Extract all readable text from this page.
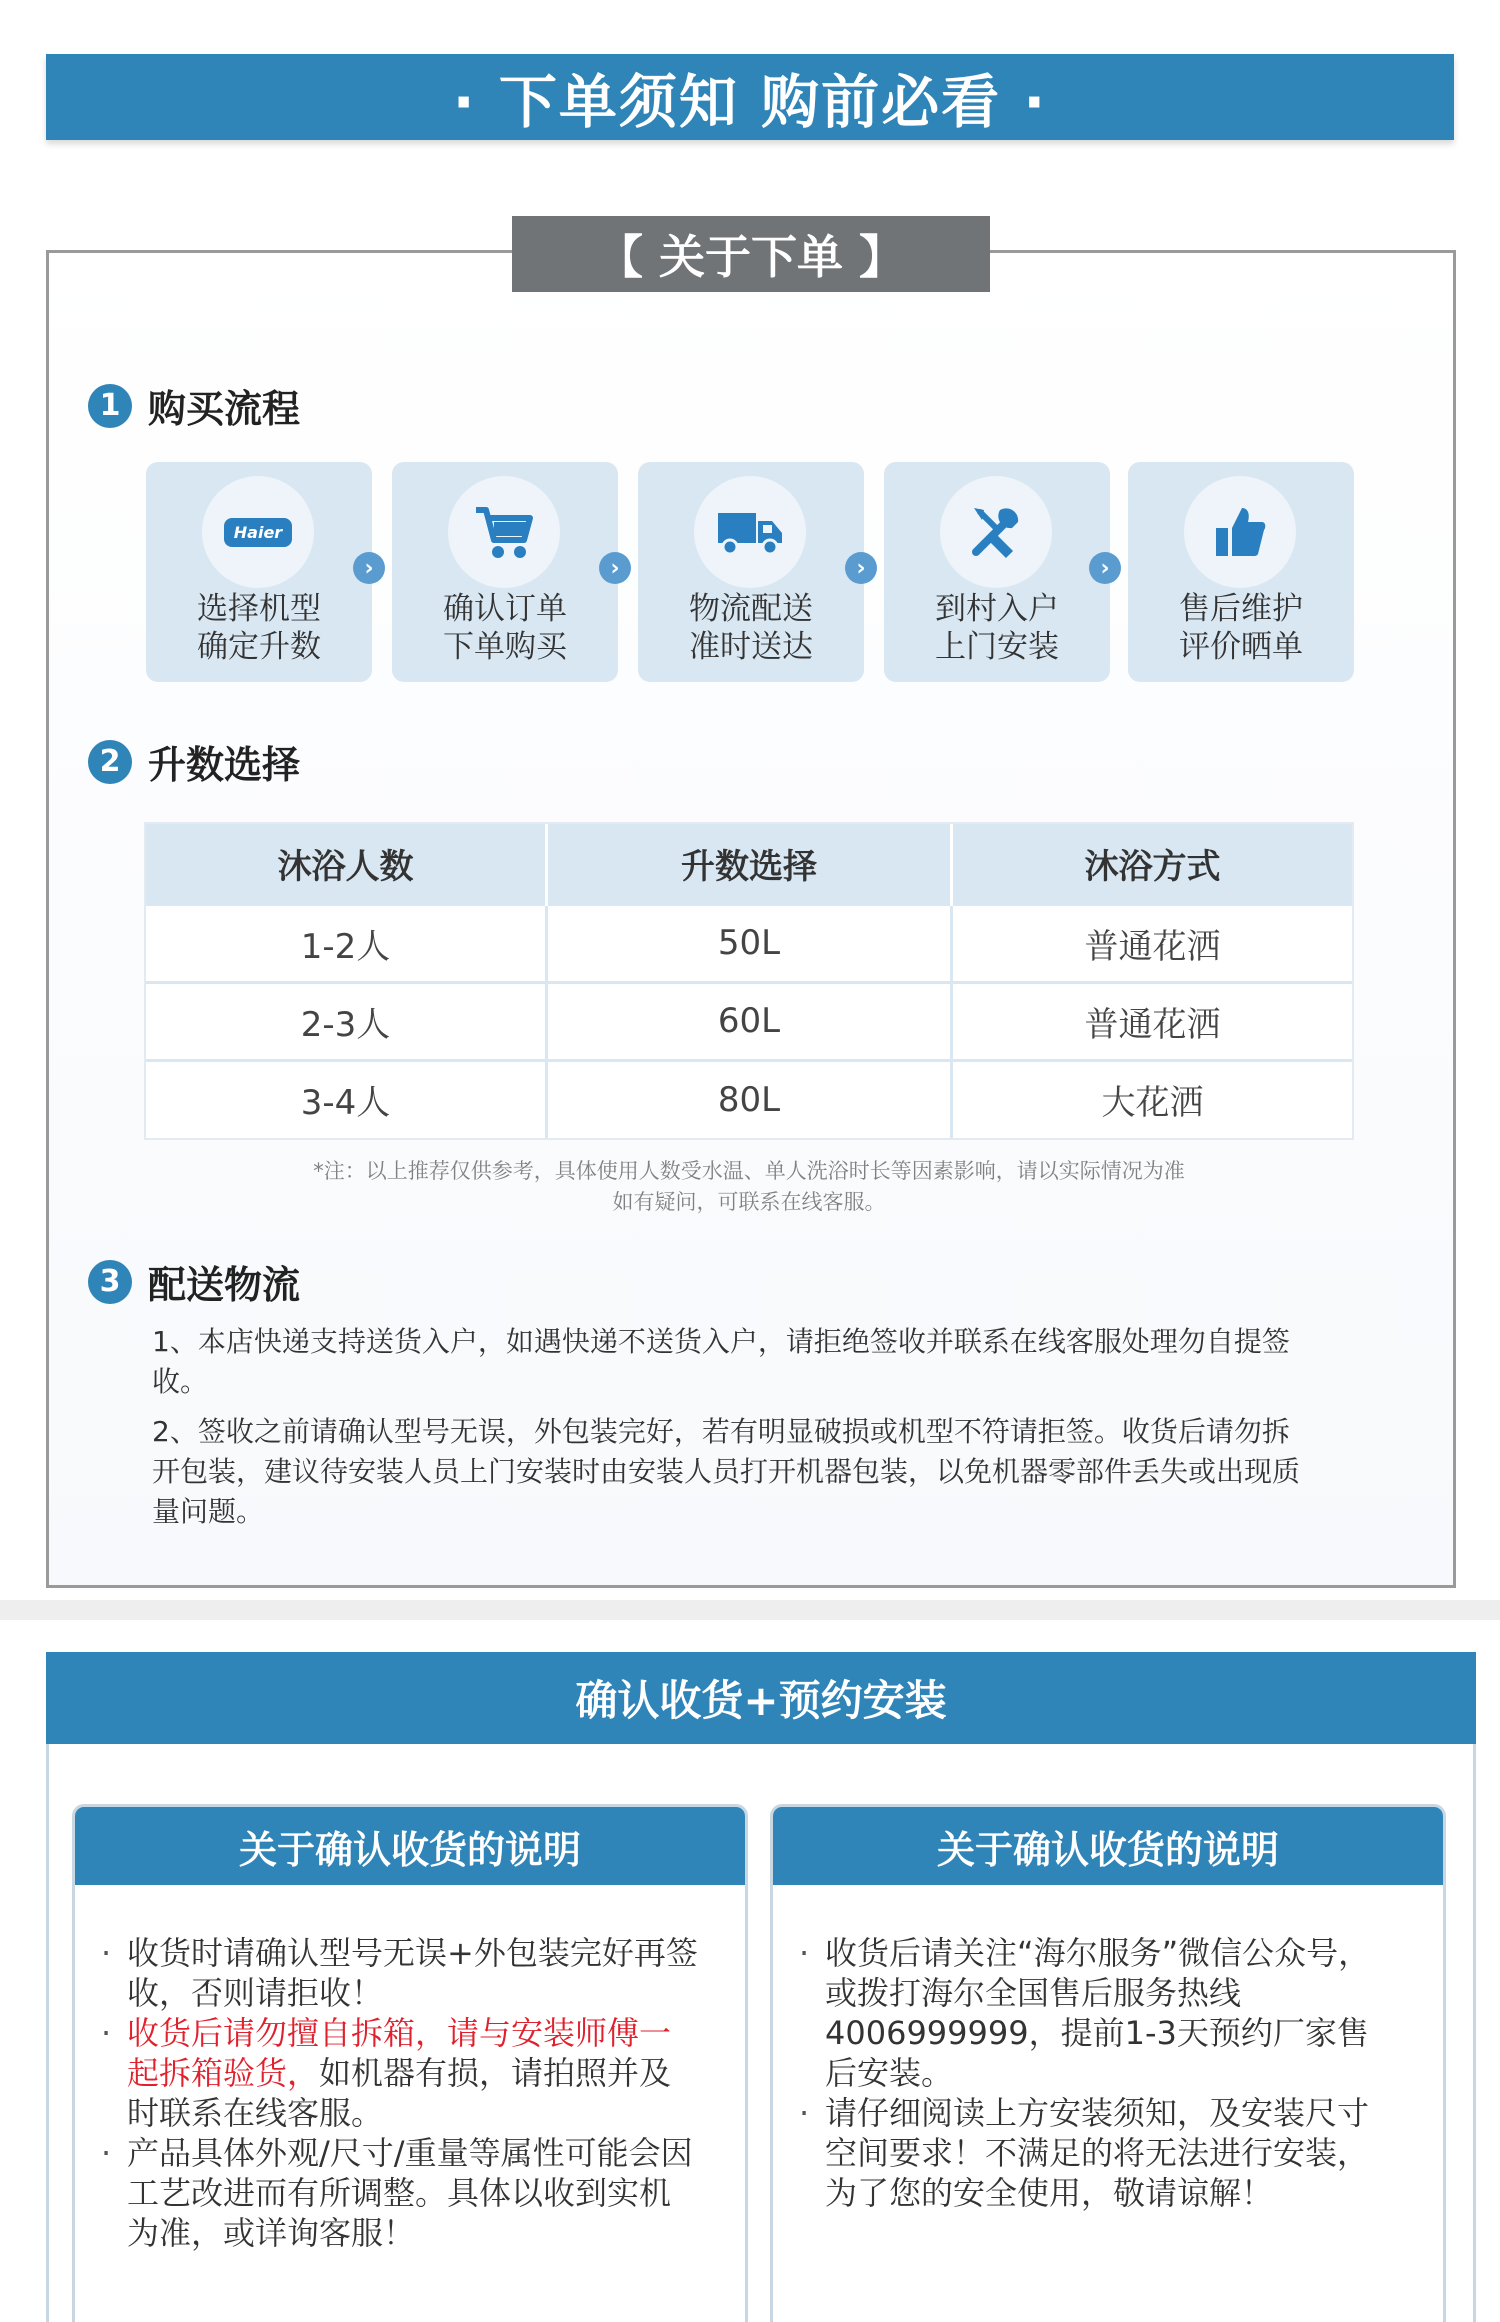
· 下单须知 购前必看 ·
【 关于下单 】
1 购买流程
Haier
选择机型
确定升数
›
确认订单
下单购买
›
物流配送
准时送达
›
到村入户
上门安装
›
售后维护
评价晒单
2 升数选择
沐浴人数	升数选择	沐浴方式
1-2人	50L	普通花洒
2-3人	60L	普通花洒
3-4人	80L	大花洒
*注：以上推荐仅供参考，具体使用人数受水温、单人洗浴时长等因素影响，请以实际情况为准
如有疑问，可联系在线客服。
3 配送物流
1、本店快递支持送货入户，如遇快递不送货入户，请拒绝签收并联系在线客服处理勿自提签收。
2、签收之前请确认型号无误，外包装完好，若有明显破损或机型不符请拒签。收货后请勿拆开包装，建议待安装人员上门安装时由安装人员打开机器包装，以免机器零部件丢失或出现质量问题。
确认收货+预约安装
关于确认收货的说明
· 收货时请确认型号无误+外包装完好再签收，否则请拒收！
· 收货后请勿擅自拆箱，请与安装师傅一起拆箱验货，如机器有损，请拍照并及时联系在线客服。
· 产品具体外观/尺寸/重量等属性可能会因工艺改进而有所调整。具体以收到实机为准，或详询客服！
关于确认收货的说明
· 收货后请关注“海尔服务”微信公众号，或拨打海尔全国售后服务热线4006999999，提前1-3天预约厂家售后安装。
· 请仔细阅读上方安装须知，及安装尺寸空间要求！不满足的将无法进行安装，为了您的安全使用，敬请谅解！
